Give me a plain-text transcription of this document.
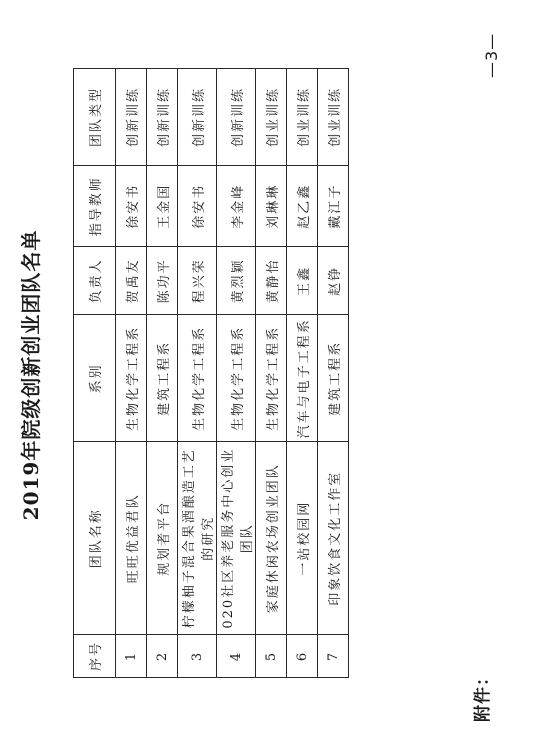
附件：
2019年院级创新创业团队名单
序号	团队名称	系别	负责人	指导教师	团队类型
1	旺旺优益君队	生物化学工程系	贺禹友	徐安书	创新训练
2	规划者平台	建筑工程系	陈功平	王金国	创新训练
3	柠檬柚子混合果酒酿造工艺的研究	生物化学工程系	程兴荣	徐安书	创新训练
4	020社区养老服务中心创业团队	生物化学工程系	黄烈颖	李金峰	创新训练
5	家庭休闲农场创业团队	生物化学工程系	黄静怡	刘琳琳	创业训练
6	一站校园网	汽车与电子工程系	王鑫	赵乙鑫	创业训练
7	印象饮食文化工作室	建筑工程系	赵铮	戴江子	创业训练
—3—
